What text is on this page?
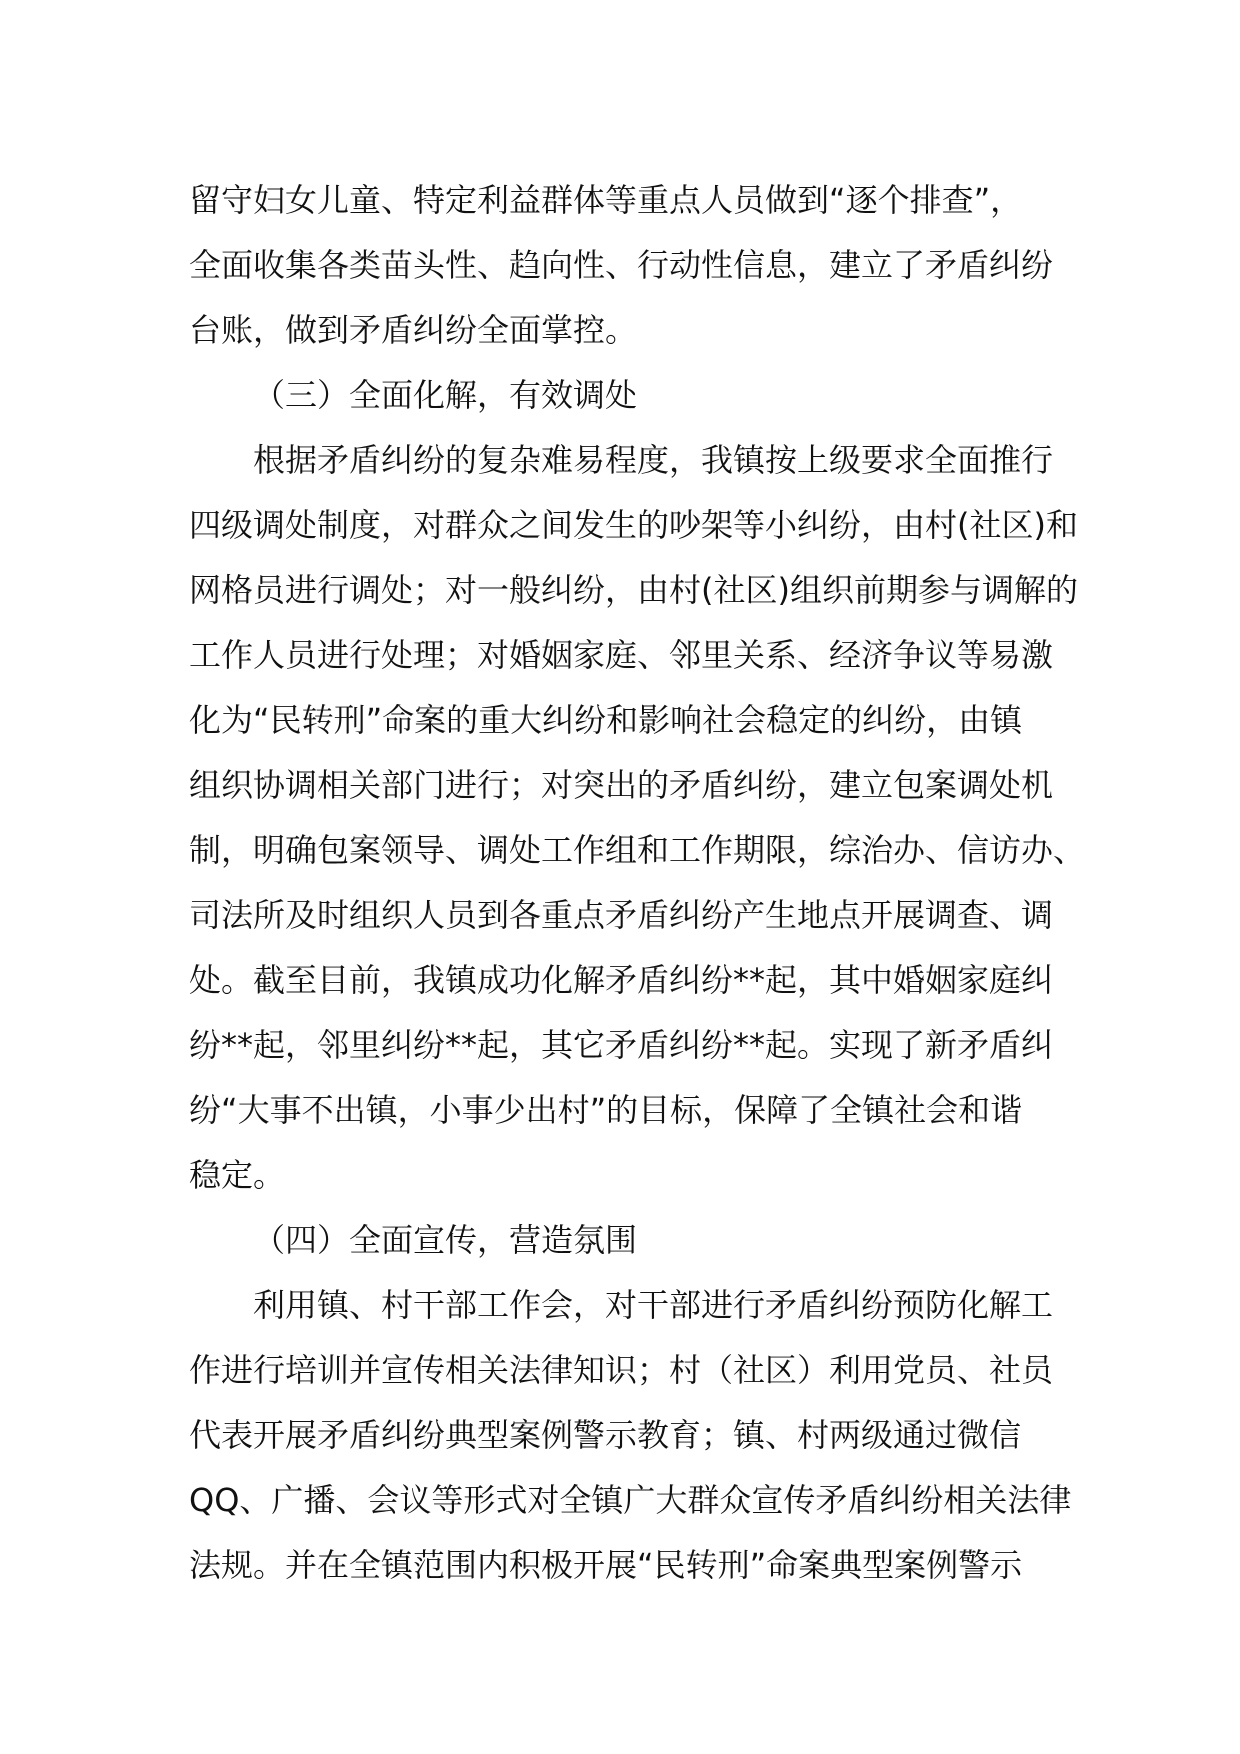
留守妇女儿童、特定利益群体等重点人员做到“逐个排查”，
全面收集各类苗头性、趋向性、行动性信息，建立了矛盾纠纷
台账，做到矛盾纠纷全面掌控。
（三）全面化解，有效调处
根据矛盾纠纷的复杂难易程度，我镇按上级要求全面推行
四级调处制度，对群众之间发生的吵架等小纠纷，由村(社区)和
网格员进行调处；对一般纠纷，由村(社区)组织前期参与调解的
工作人员进行处理；对婚姻家庭、邻里关系、经济争议等易激
化为“民转刑”命案的重大纠纷和影响社会稳定的纠纷，由镇
组织协调相关部门进行；对突出的矛盾纠纷，建立包案调处机
制，明确包案领导、调处工作组和工作期限，综治办、信访办、
司法所及时组织人员到各重点矛盾纠纷产生地点开展调查、调
处。截至目前，我镇成功化解矛盾纠纷**起，其中婚姻家庭纠
纷**起，邻里纠纷**起，其它矛盾纠纷**起。实现了新矛盾纠
纷“大事不出镇，小事少出村”的目标，保障了全镇社会和谐
稳定。
（四）全面宣传，营造氛围
利用镇、村干部工作会，对干部进行矛盾纠纷预防化解工
作进行培训并宣传相关法律知识；村（社区）利用党员、社员
代表开展矛盾纠纷典型案例警示教育；镇、村两级通过微信
QQ、广播、会议等形式对全镇广大群众宣传矛盾纠纷相关法律
法规。并在全镇范围内积极开展“民转刑”命案典型案例警示
